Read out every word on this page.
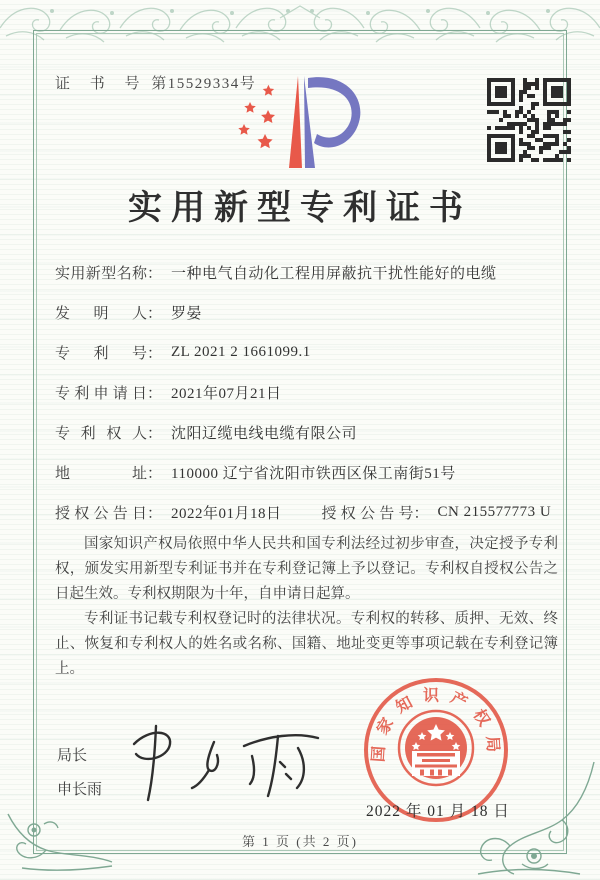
证 书 号 第15529334号
实用新型专利证书
实用新型名称 ： 一种电气自动化工程用屏蔽抗干扰性能好的电缆
发明人 ： 罗晏
专利号 ： ZL 2021 2 1661099.1
专利申请日 ： 2021年07月21日
专利权人 ： 沈阳辽缆电线电缆有限公司
地址 ： 110000 辽宁省沈阳市铁西区保工南街51号
授权公告日 ： 2022年01月18日	授权公告号 ： CN 215577773 U

国家知识产权局依照中华人民共和国专利法经过初步审查，决定授予专利权，颁发实用新型专利证书并在专利登记簿上予以登记。专利权自授权公告之日起生效。专利权期限为十年，自申请日起算。

专利证书记载专利权登记时的法律状况。专利权的转移、质押、无效、终止、恢复和专利权人的姓名或名称、国籍、地址变更等事项记载在专利登记簿上。

局长
申长雨
国家知识产权局
2022 年 01 月 18 日
第 1 页 (共 2 页)
